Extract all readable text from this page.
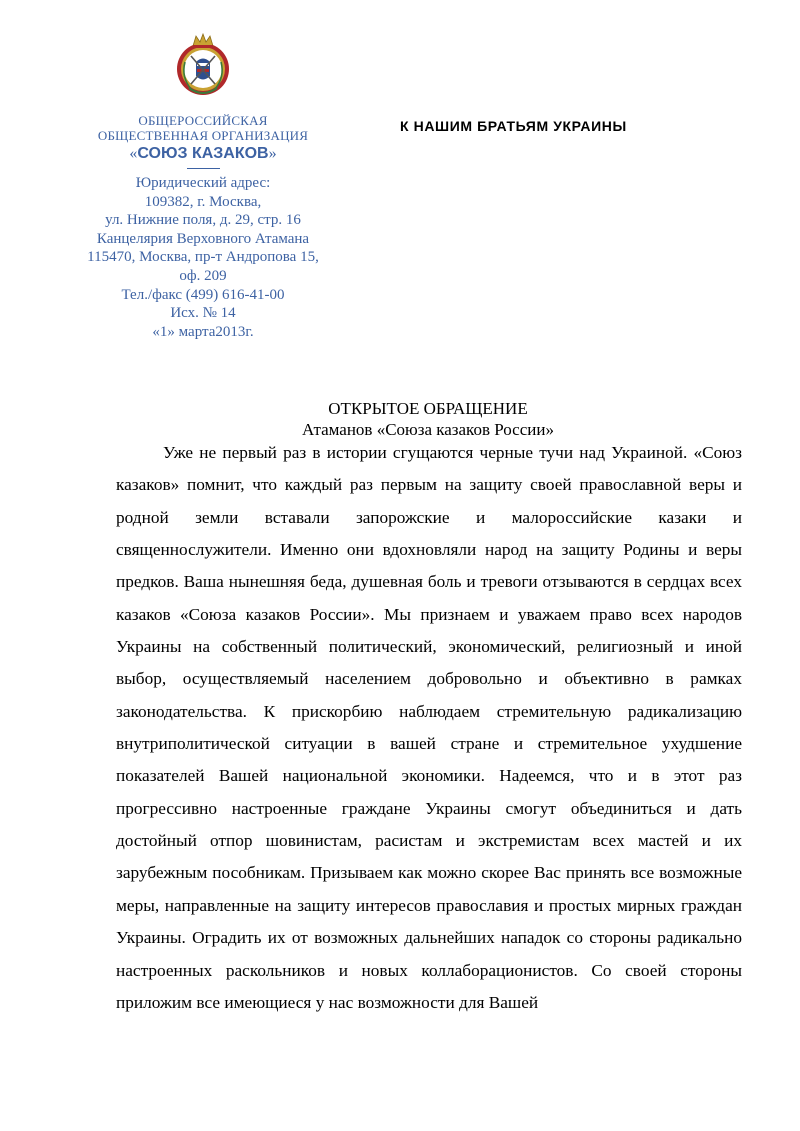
ОБЩЕРОССИЙСКАЯ
ОБЩЕСТВЕННАЯ ОРГАНИЗАЦИЯ
«СОЮЗ КАЗАКОВ»
Юридический адрес:
109382, г. Москва,
ул. Нижние поля, д. 29, стр. 16
Канцелярия Верховного Атамана
115470, Москва, пр-т Андропова 15,
оф. 209
Тел./факс (499) 616-41-00
Исх. № 14
«1» марта2013г.
К НАШИМ БРАТЬЯМ УКРАИНЫ
ОТКРЫТОЕ ОБРАЩЕНИЕ
Атаманов «Союза казаков России»

Уже не первый раз в истории сгущаются черные тучи над Украиной. «Союз казаков» помнит, что каждый раз первым на защиту своей православной веры и родной земли вставали запорожские и малороссийские казаки и священнослужители. Именно они вдохновляли народ на защиту Родины и веры предков. Ваша нынешняя беда, душевная боль и тревоги отзываются в сердцах всех казаков «Союза казаков России». Мы признаем и уважаем право всех народов Украины на собственный политический, экономический, религиозный и иной выбор, осуществляемый населением добровольно и объективно в рамках законодательства. К прискорбию наблюдаем стремительную радикализацию внутриполитической ситуации в вашей стране и стремительное ухудшение показателей Вашей национальной экономики. Надеемся, что и в этот раз прогрессивно настроенные граждане Украины смогут объединиться и дать достойный отпор шовинистам, расистам и экстремистам всех мастей и их зарубежным пособникам. Призываем как можно скорее Вас принять все возможные меры, направленные на защиту интересов православия и простых мирных граждан Украины. Оградить их от возможных дальнейших нападок со стороны радикально настроенных раскольников и новых коллаборационистов. Со своей стороны приложим все имеющиеся у нас возможности для Вашей
